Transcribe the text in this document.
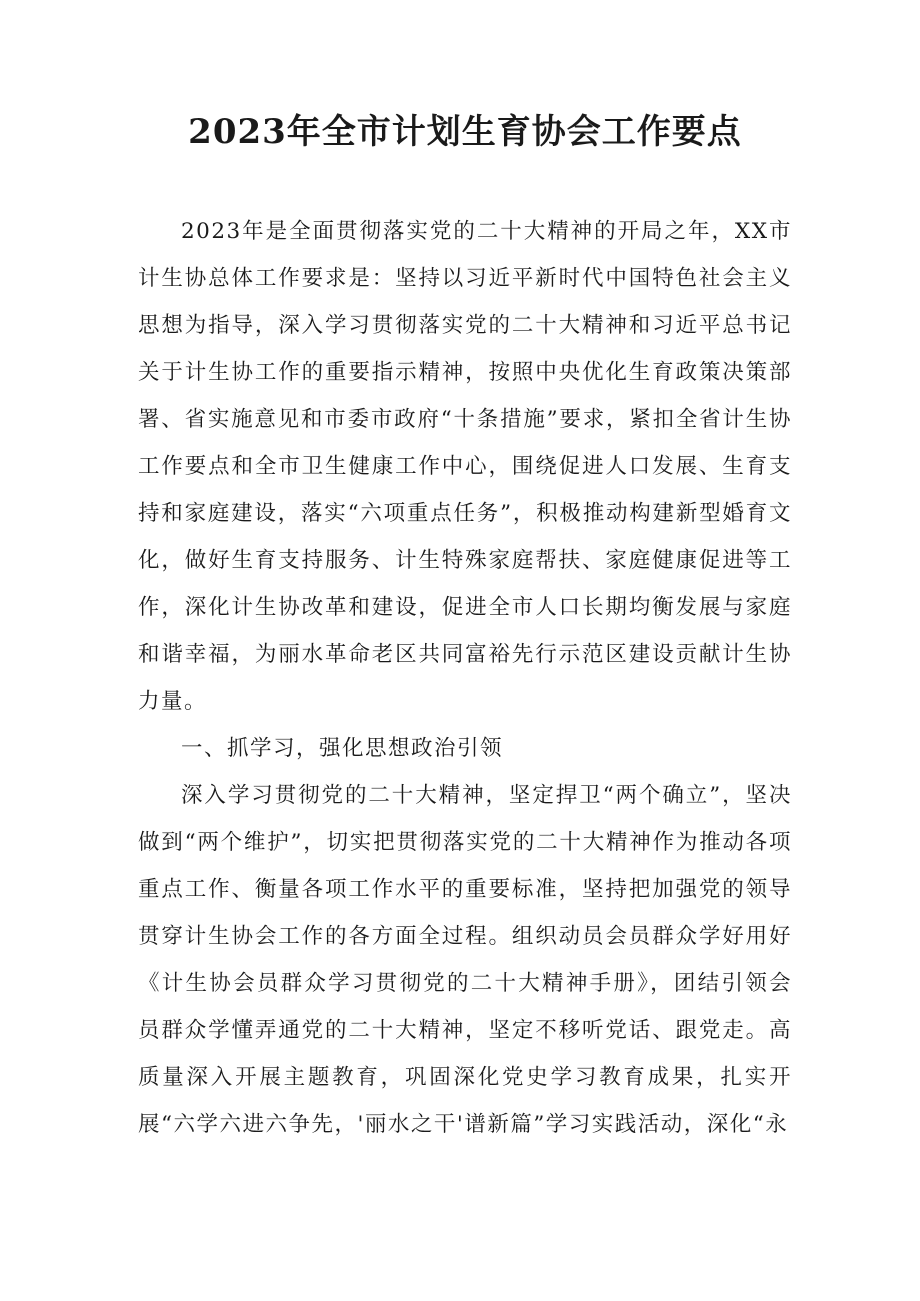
2023年全市计划生育协会工作要点

2023年是全面贯彻落实党的二十大精神的开局之年，XX市计生协总体工作要求是：坚持以习近平新时代中国特色社会主义思想为指导，深入学习贯彻落实党的二十大精神和习近平总书记关于计生协工作的重要指示精神，按照中央优化生育政策决策部署、省实施意见和市委市政府“十条措施”要求，紧扣全省计生协工作要点和全市卫生健康工作中心，围绕促进人口发展、生育支持和家庭建设，落实“六项重点任务”，积极推动构建新型婚育文化，做好生育支持服务、计生特殊家庭帮扶、家庭健康促进等工作，深化计生协改革和建设，促进全市人口长期均衡发展与家庭和谐幸福，为丽水革命老区共同富裕先行示范区建设贡献计生协力量。

一、抓学习，强化思想政治引领

深入学习贯彻党的二十大精神，坚定捍卫“两个确立”，坚决做到“两个维护”，切实把贯彻落实党的二十大精神作为推动各项重点工作、衡量各项工作水平的重要标准，坚持把加强党的领导贯穿计生协会工作的各方面全过程。组织动员会员群众学好用好《计生协会员群众学习贯彻党的二十大精神手册》，团结引领会员群众学懂弄通党的二十大精神，坚定不移听党话、跟党走。高质量深入开展主题教育，巩固深化党史学习教育成果，扎实开展“六学六进六争先，'丽水之干'谱新篇”学习实践活动，深化“永
